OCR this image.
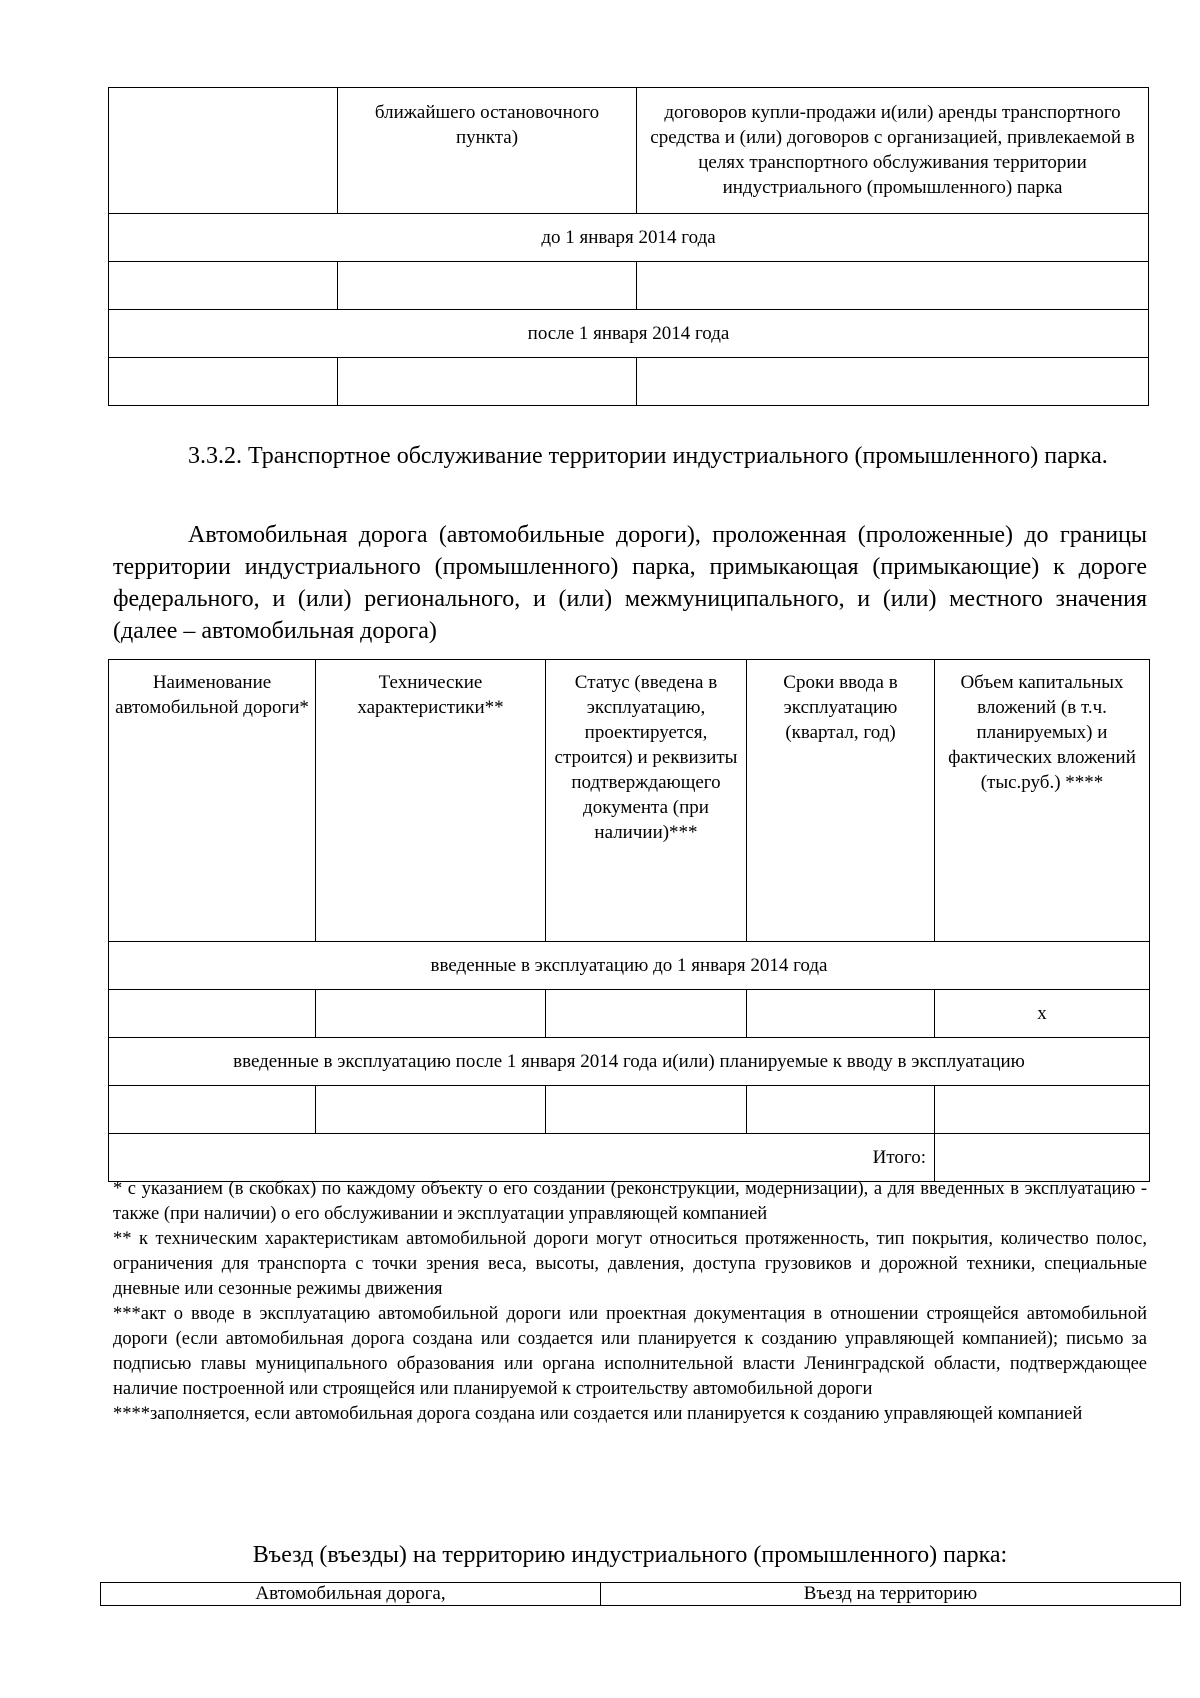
	ближайшего остановочного пункта)	договоров купли-продажи и(или) аренды транспортного средства и (или) договоров с организацией, привлекаемой в целях транспортного обслуживания территории индустриального (промышленного) парка
до 1 января 2014 года		

после 1 января 2014 года		

3.3.2. Транспортное обслуживание территории индустриального (промышленного) парка.
Автомобильная дорога (автомобильные дороги), проложенная (проложенные) до границы территории индустриального (промышленного) парка, примыкающая (примыкающие) к дороге федерального, и (или) регионального, и (или) межмуниципального, и (или) местного значения (далее – автомобильная дорога)
Наименование автомобильной дороги*	Технические характеристики**	Статус (введена в эксплуатацию, проектируется, строится) и реквизиты подтверждающего документа (при наличии)***	Сроки ввода в эксплуатацию (квартал, год)	Объем капитальных вложений (в т.ч. планируемых) и фактических вложений (тыс.руб.) ****
введенные в эксплуатацию до 1 января 2014 года				
				х
введенные в эксплуатацию после 1 января 2014 года и(или) планируемые к вводу в эксплуатацию				

Итого:				

* с указанием (в скобках) по каждому объекту о его создании (реконструкции, модернизации), а для введенных в эксплуатацию - также (при наличии) о его обслуживании и эксплуатации управляющей компанией

** к техническим характеристикам автомобильной дороги могут относиться протяженность, тип покрытия, количество полос, ограничения для транспорта с точки зрения веса, высоты, давления, доступа грузовиков и дорожной техники, специальные дневные или сезонные режимы движения

***акт о вводе в эксплуатацию автомобильной дороги или проектная документация в отношении строящейся автомобильной дороги (если автомобильная дорога создана или создается или планируется к созданию управляющей компанией); письмо за подписью главы муниципального образования или органа исполнительной власти Ленинградской области, подтверждающее наличие построенной или строящейся или планируемой к строительству автомобильной дороги

****заполняется, если автомобильная дорога создана или создается или планируется к созданию управляющей компанией

Въезд (въезды) на территорию индустриального (промышленного) парка:
Автомобильная дорога,	Въезд на территорию
